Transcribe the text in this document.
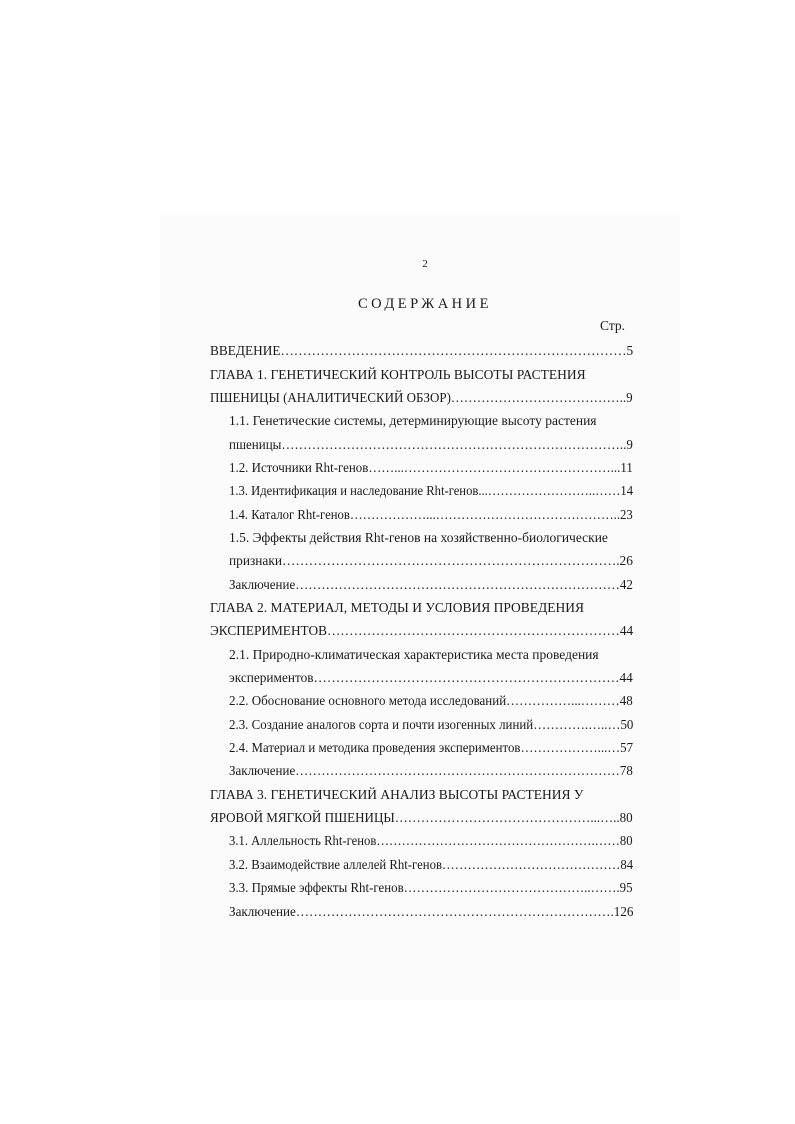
2
СОДЕРЖАНИЕ
Стр.
ВВЕДЕНИЕ……………………………………………………………………5
ГЛАВА 1. ГЕНЕТИЧЕСКИЙ КОНТРОЛЬ ВЫСОТЫ РАСТЕНИЯ
ПШЕНИЦЫ (АНАЛИТИЧЕСКИЙ ОБЗОР)…………………………………..9
1.1. Генетические системы, детерминирующие высоту растения
пшеницы……………………………………………………………………..9
1.2. Источники Rht-генов……...…………………………………………...11
1.3. Идентификация и наследование Rht-генов...……………………..……14
1.4. Каталог Rht-генов………………...……………………………………..23
1.5. Эффекты действия Rht-генов на хозяйственно-биологические
признаки………………………………………………………………….26
Заключение…………………………………………………………………42
ГЛАВА 2. МАТЕРИАЛ, МЕТОДЫ И УСЛОВИЯ ПРОВЕДЕНИЯ
ЭКСПЕРИМЕНТОВ…………………………………………………………44
2.1. Природно-климатическая характеристика места проведения
экспериментов……………………………………………………………44
2.2. Обоснование основного метода исследований……………...………48
2.3. Создание аналогов сорта и почти изогенных линий………….…..…50
2.4. Материал и методика проведения экспериментов………………...…57
Заключение…………………………………………………………………78
ГЛАВА 3. ГЕНЕТИЧЕСКИЙ АНАЛИЗ ВЫСОТЫ РАСТЕНИЯ У
ЯРОВОЙ МЯГКОЙ ПШЕНИЦЫ………………………………………...…..80
3.1. Аллельность Rht-генов…………………………………………….……80
3.2. Взаимодействие аллелей Rht-генов……………………………………84
3.3. Прямые эффекты Rht-генов……………………………………..…….95
Заключение……………………………………………………………….126
